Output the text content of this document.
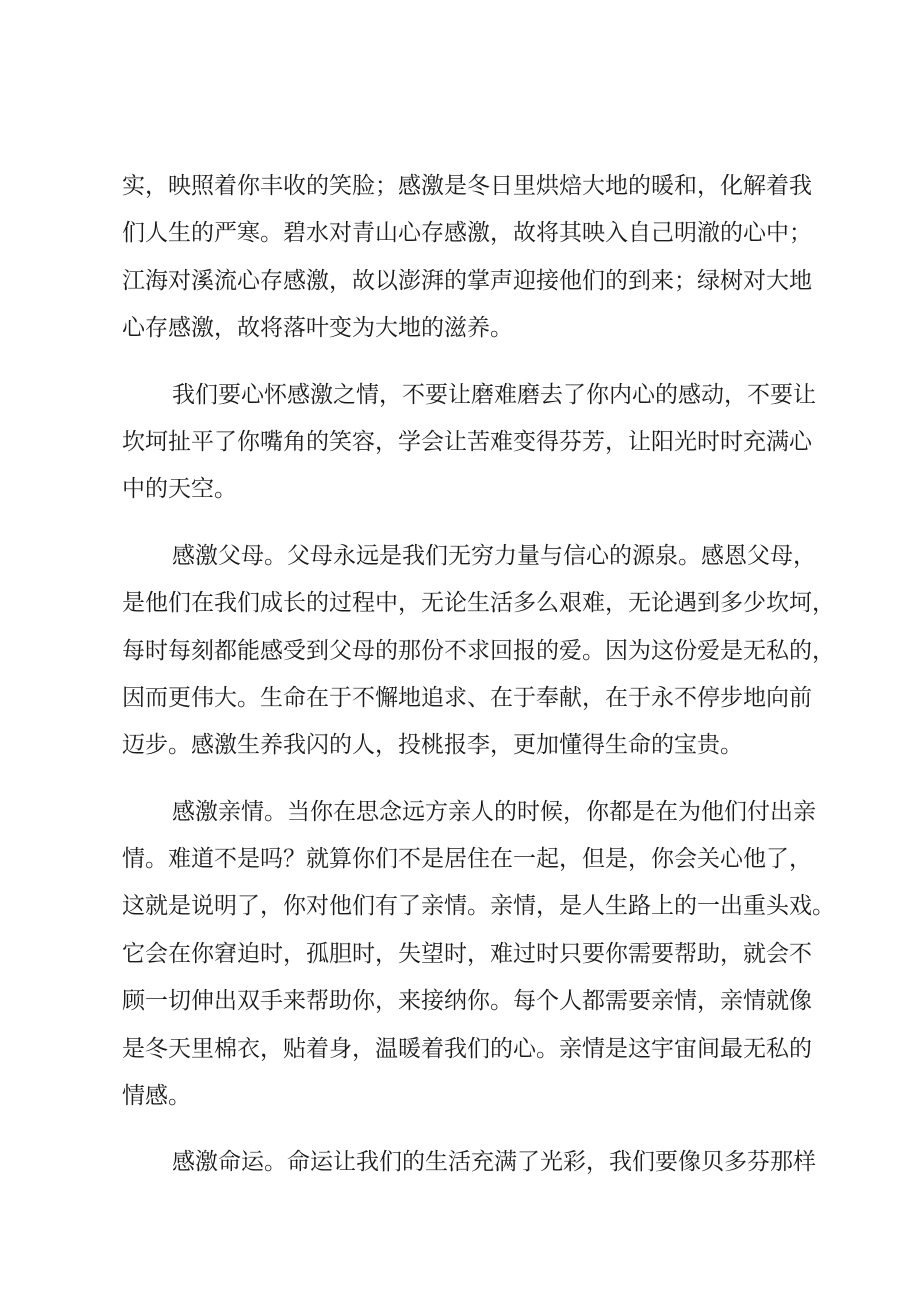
实，映照着你丰收的笑脸；感激是冬日里烘焙大地的暖和，化解着我
们人生的严寒。碧水对青山心存感激，故将其映入自己明澈的心中；
江海对溪流心存感激，故以澎湃的掌声迎接他们的到来；绿树对大地
心存感激，故将落叶变为大地的滋养。
我们要心怀感激之情，不要让磨难磨去了你内心的感动，不要让
坎坷扯平了你嘴角的笑容，学会让苦难变得芬芳，让阳光时时充满心
中的天空。
感激父母。父母永远是我们无穷力量与信心的源泉。感恩父母，
是他们在我们成长的过程中，无论生活多么艰难，无论遇到多少坎坷，
每时每刻都能感受到父母的那份不求回报的爱。因为这份爱是无私的，
因而更伟大。生命在于不懈地追求、在于奉献，在于永不停步地向前
迈步。感激生养我闪的人，投桃报李，更加懂得生命的宝贵。
感激亲情。当你在思念远方亲人的时候，你都是在为他们付出亲
情。难道不是吗？就算你们不是居住在一起，但是，你会关心他了，
这就是说明了，你对他们有了亲情。亲情，是人生路上的一出重头戏。
它会在你窘迫时，孤胆时，失望时，难过时只要你需要帮助，就会不
顾一切伸出双手来帮助你，来接纳你。每个人都需要亲情，亲情就像
是冬天里棉衣，贴着身，温暖着我们的心。亲情是这宇宙间最无私的
情感。
感激命运。命运让我们的生活充满了光彩，我们要像贝多芬那样
